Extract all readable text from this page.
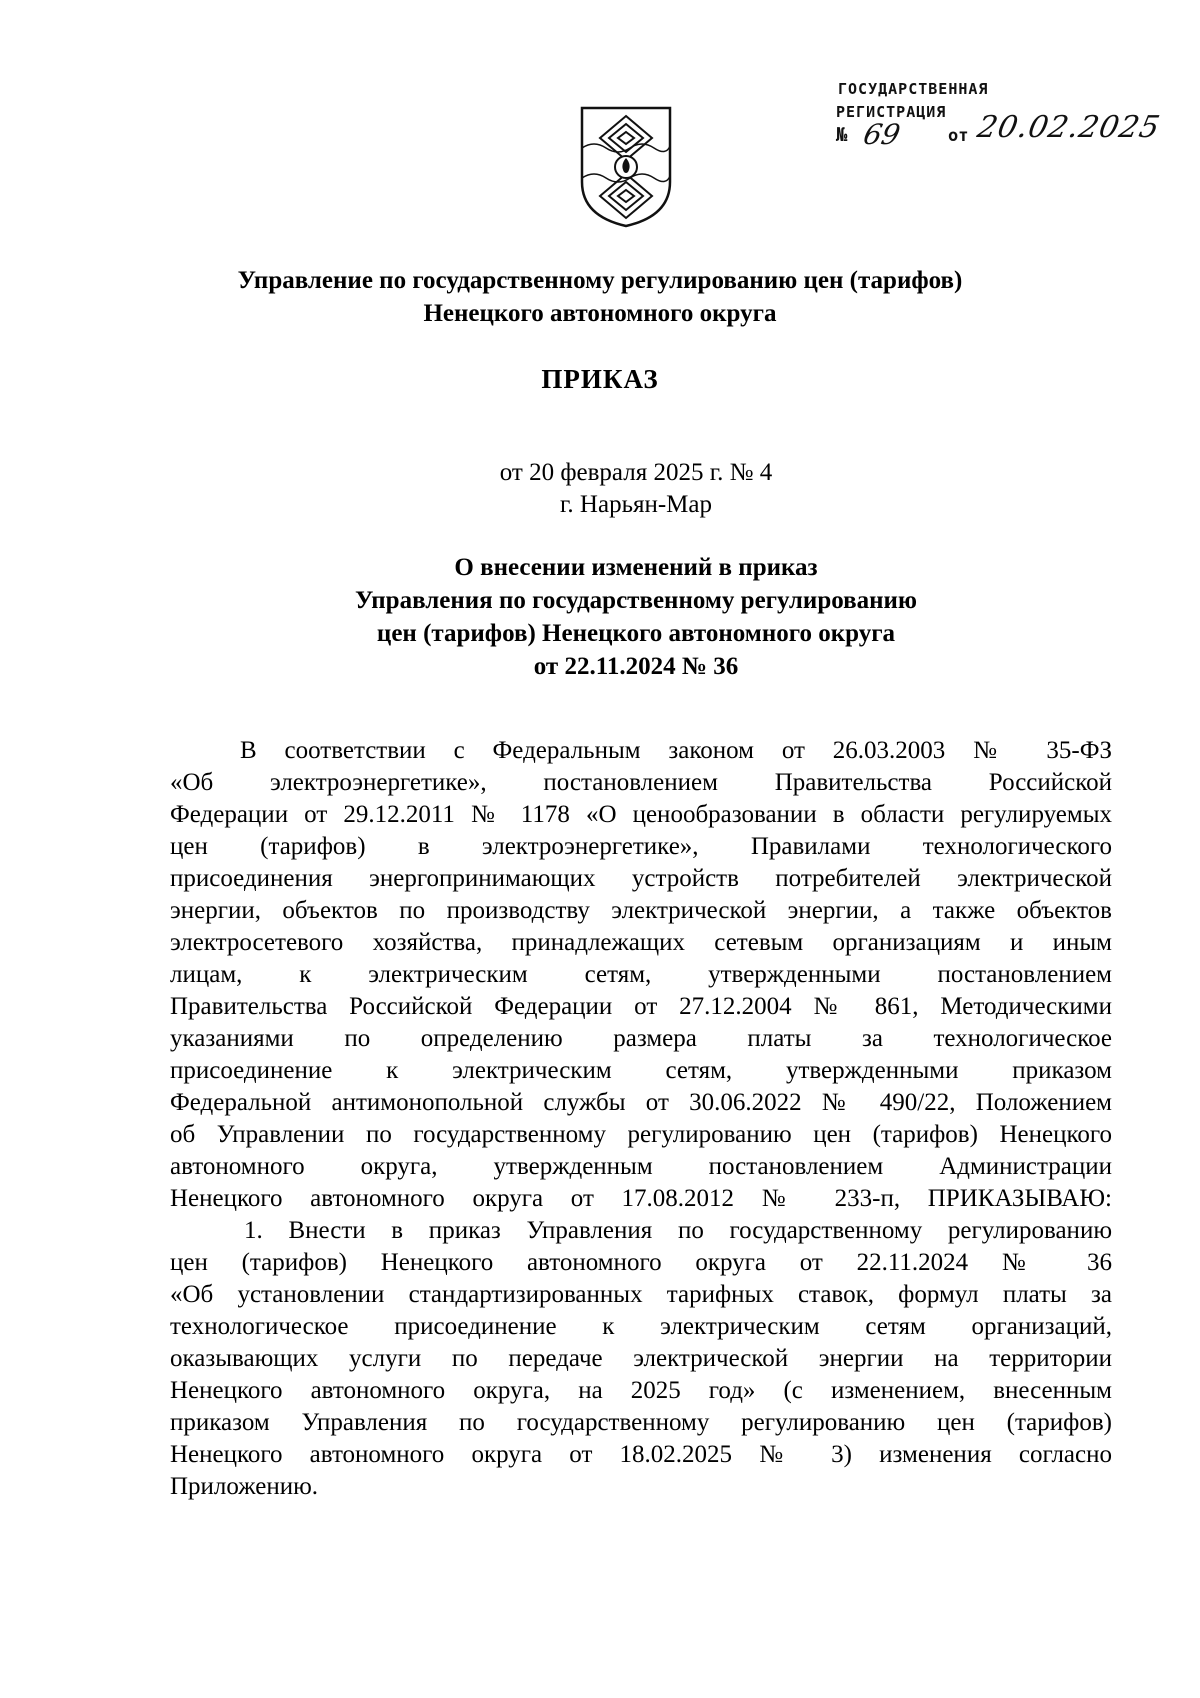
ГОСУДАРСТВЕННАЯ
РЕГИСТРАЦИЯ
№ 69	от 20.02.2025
Управление по государственному регулированию цен (тарифов)
Ненецкого автономного округа
ПРИКАЗ
от 20 февраля 2025 г. № 4
г. Нарьян-Мар
О внесении изменений в приказ
Управления по государственному регулированию
цен (тарифов) Ненецкого автономного округа
от 22.11.2024 № 36
В соответствии с Федеральным законом от 26.03.2003 № 35-ФЗ
«Об электроэнергетике», постановлением Правительства Российской
Федерации от 29.12.2011 № 1178 «О ценообразовании в области регулируемых
цен (тарифов) в электроэнергетике», Правилами технологического
присоединения энергопринимающих устройств потребителей электрической
энергии, объектов по производству электрической энергии, а также объектов
электросетевого хозяйства, принадлежащих сетевым организациям и иным
лицам, к электрическим сетям, утвержденными постановлением
Правительства Российской Федерации от 27.12.2004 № 861, Методическими
указаниями по определению размера платы за технологическое
присоединение к электрическим сетям, утвержденными приказом
Федеральной антимонопольной службы от 30.06.2022 № 490/22, Положением
об Управлении по государственному регулированию цен (тарифов) Ненецкого
автономного округа, утвержденным постановлением Администрации
Ненецкого автономного округа от 17.08.2012 № 233-п, ПРИКАЗЫВАЮ:
1. Внести в приказ Управления по государственному регулированию
цен (тарифов) Ненецкого автономного округа от 22.11.2024 № 36
«Об установлении стандартизированных тарифных ставок, формул платы за
технологическое присоединение к электрическим сетям организаций,
оказывающих услуги по передаче электрической энергии на территории
Ненецкого автономного округа, на 2025 год» (с изменением, внесенным
приказом Управления по государственному регулированию цен (тарифов)
Ненецкого автономного округа от 18.02.2025 № 3) изменения согласно
Приложению.
